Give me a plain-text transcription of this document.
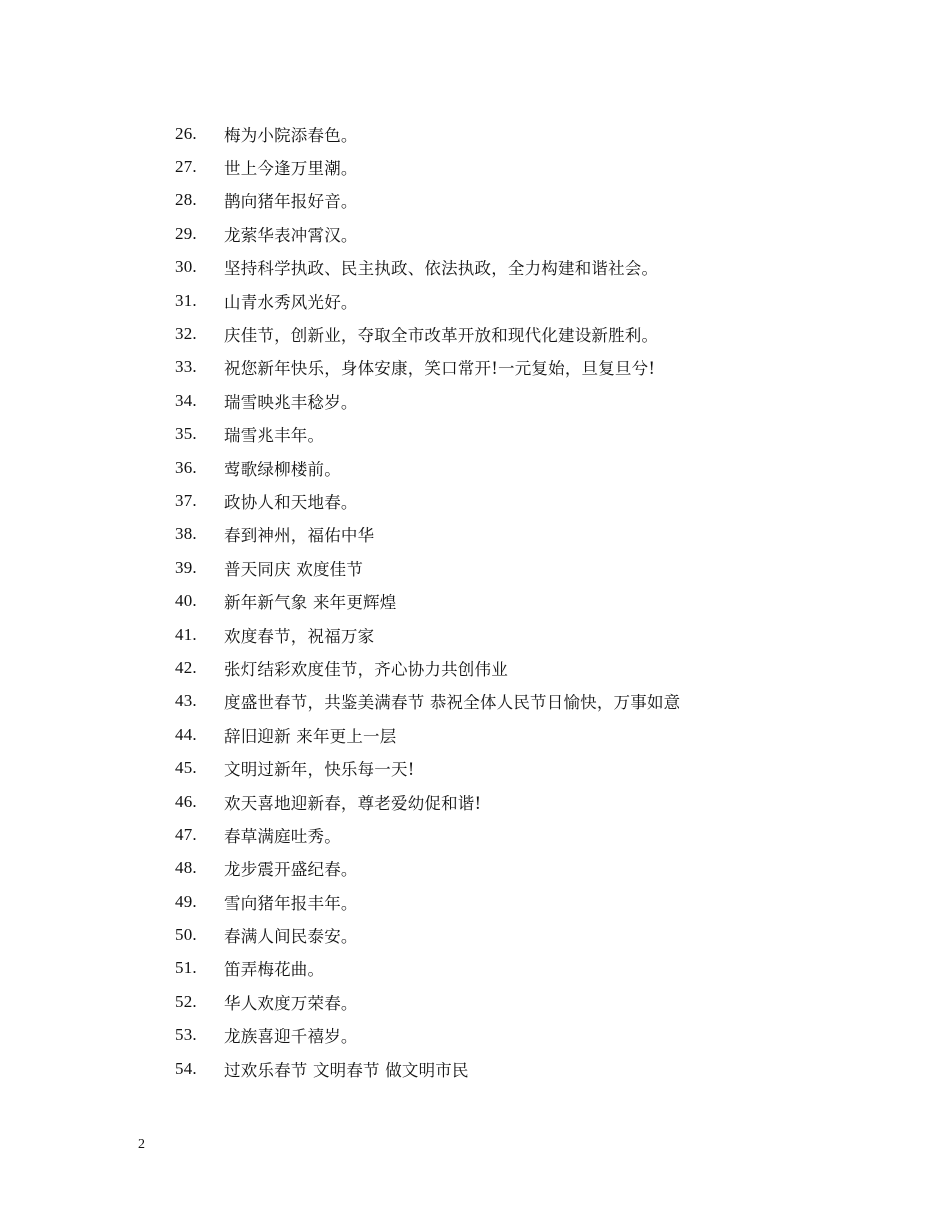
26.	梅为小院添春色。
27.	世上今逢万里潮。
28.	鹊向猪年报好音。
29.	龙萦华表冲霄汉。
30.	坚持科学执政、民主执政、依法执政，全力构建和谐社会。
31.	山青水秀风光好。
32.	庆佳节，创新业，夺取全市改革开放和现代化建设新胜利。
33.	祝您新年快乐，身体安康，笑口常开!一元复始，旦复旦兮!
34.	瑞雪映兆丰稔岁。
35.	瑞雪兆丰年。
36.	莺歌绿柳楼前。
37.	政协人和天地春。
38.	春到神州，福佑中华
39.	普天同庆 欢度佳节
40.	新年新气象 来年更辉煌
41.	欢度春节，祝福万家
42.	张灯结彩欢度佳节，齐心协力共创伟业
43.	度盛世春节，共鉴美满春节 恭祝全体人民节日愉快，万事如意
44.	辞旧迎新 来年更上一层
45.	文明过新年，快乐每一天!
46.	欢天喜地迎新春，尊老爱幼促和谐!
47.	春草满庭吐秀。
48.	龙步震开盛纪春。
49.	雪向猪年报丰年。
50.	春满人间民泰安。
51.	笛弄梅花曲。
52.	华人欢度万荣春。
53.	龙族喜迎千禧岁。
54.	过欢乐春节 文明春节 做文明市民
2
